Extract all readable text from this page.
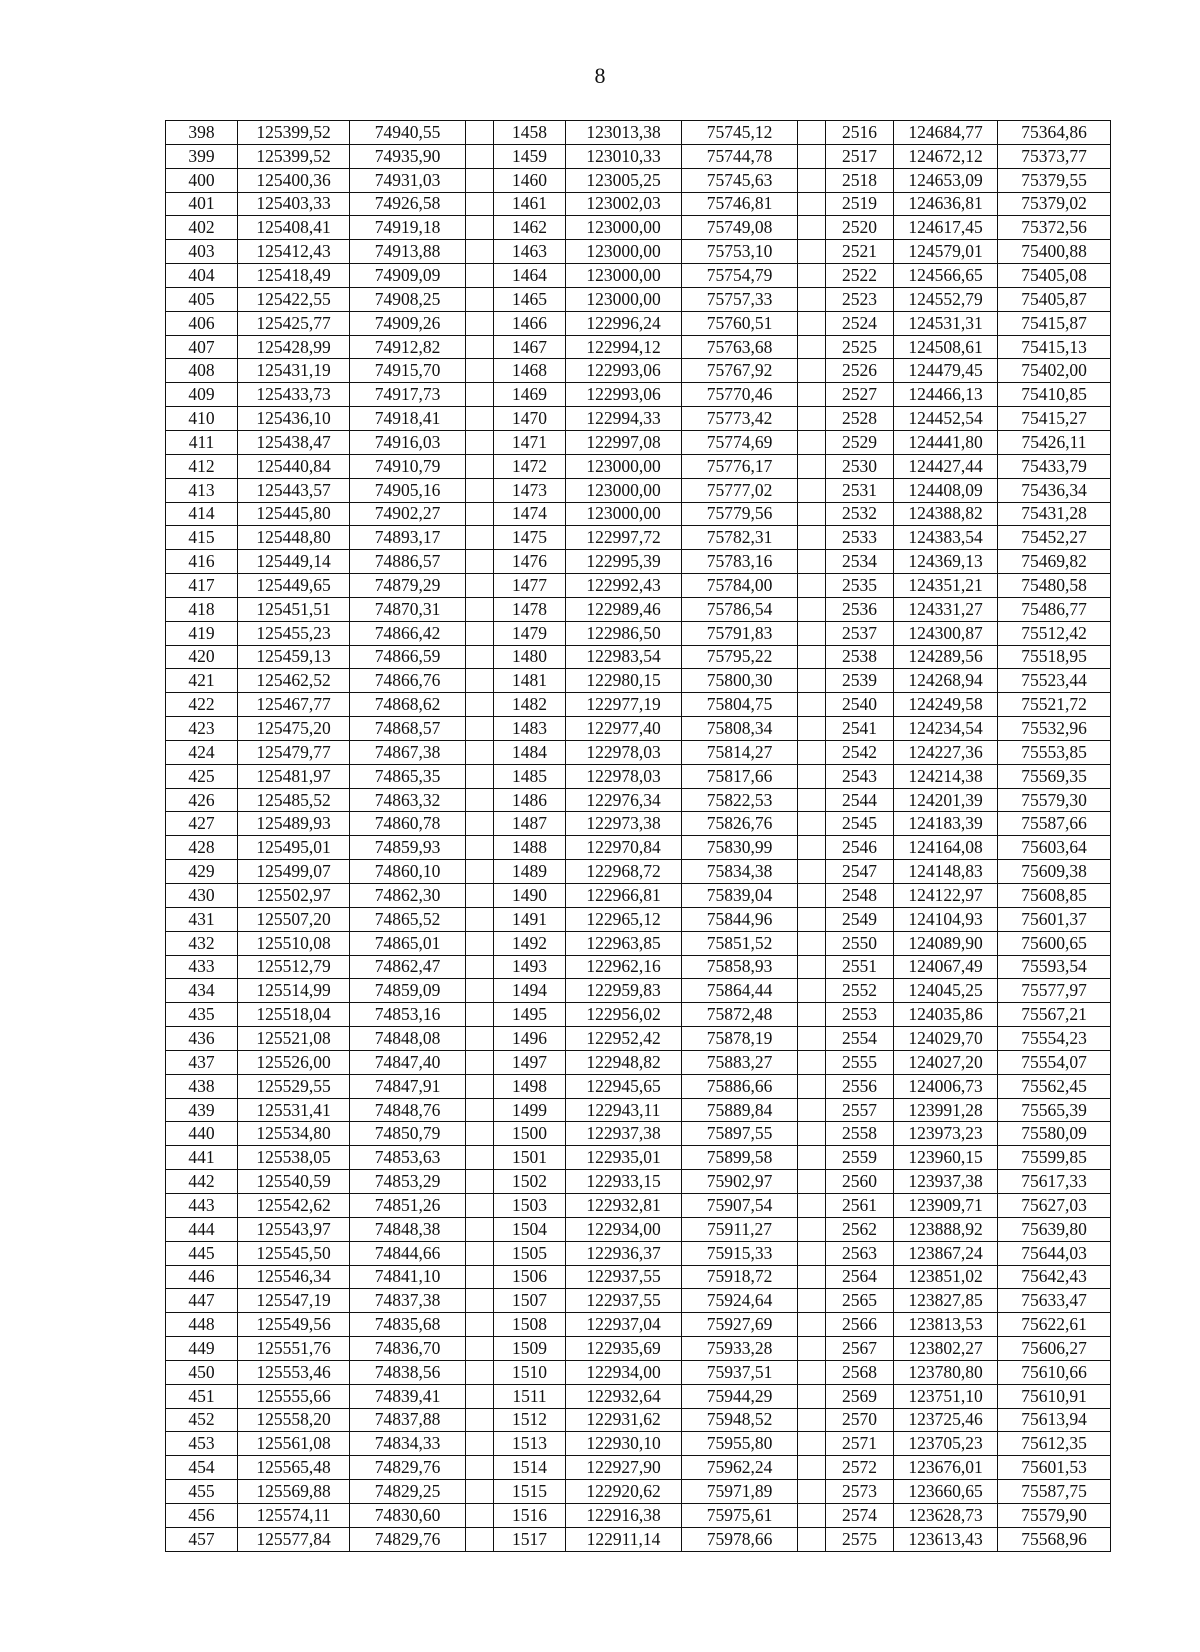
8
398	125399,52	74940,55		1458	123013,38	75745,12		2516	124684,77	75364,86
399	125399,52	74935,90		1459	123010,33	75744,78		2517	124672,12	75373,77
400	125400,36	74931,03		1460	123005,25	75745,63		2518	124653,09	75379,55
401	125403,33	74926,58		1461	123002,03	75746,81		2519	124636,81	75379,02
402	125408,41	74919,18		1462	123000,00	75749,08		2520	124617,45	75372,56
403	125412,43	74913,88		1463	123000,00	75753,10		2521	124579,01	75400,88
404	125418,49	74909,09		1464	123000,00	75754,79		2522	124566,65	75405,08
405	125422,55	74908,25		1465	123000,00	75757,33		2523	124552,79	75405,87
406	125425,77	74909,26		1466	122996,24	75760,51		2524	124531,31	75415,87
407	125428,99	74912,82		1467	122994,12	75763,68		2525	124508,61	75415,13
408	125431,19	74915,70		1468	122993,06	75767,92		2526	124479,45	75402,00
409	125433,73	74917,73		1469	122993,06	75770,46		2527	124466,13	75410,85
410	125436,10	74918,41		1470	122994,33	75773,42		2528	124452,54	75415,27
411	125438,47	74916,03		1471	122997,08	75774,69		2529	124441,80	75426,11
412	125440,84	74910,79		1472	123000,00	75776,17		2530	124427,44	75433,79
413	125443,57	74905,16		1473	123000,00	75777,02		2531	124408,09	75436,34
414	125445,80	74902,27		1474	123000,00	75779,56		2532	124388,82	75431,28
415	125448,80	74893,17		1475	122997,72	75782,31		2533	124383,54	75452,27
416	125449,14	74886,57		1476	122995,39	75783,16		2534	124369,13	75469,82
417	125449,65	74879,29		1477	122992,43	75784,00		2535	124351,21	75480,58
418	125451,51	74870,31		1478	122989,46	75786,54		2536	124331,27	75486,77
419	125455,23	74866,42		1479	122986,50	75791,83		2537	124300,87	75512,42
420	125459,13	74866,59		1480	122983,54	75795,22		2538	124289,56	75518,95
421	125462,52	74866,76		1481	122980,15	75800,30		2539	124268,94	75523,44
422	125467,77	74868,62		1482	122977,19	75804,75		2540	124249,58	75521,72
423	125475,20	74868,57		1483	122977,40	75808,34		2541	124234,54	75532,96
424	125479,77	74867,38		1484	122978,03	75814,27		2542	124227,36	75553,85
425	125481,97	74865,35		1485	122978,03	75817,66		2543	124214,38	75569,35
426	125485,52	74863,32		1486	122976,34	75822,53		2544	124201,39	75579,30
427	125489,93	74860,78		1487	122973,38	75826,76		2545	124183,39	75587,66
428	125495,01	74859,93		1488	122970,84	75830,99		2546	124164,08	75603,64
429	125499,07	74860,10		1489	122968,72	75834,38		2547	124148,83	75609,38
430	125502,97	74862,30		1490	122966,81	75839,04		2548	124122,97	75608,85
431	125507,20	74865,52		1491	122965,12	75844,96		2549	124104,93	75601,37
432	125510,08	74865,01		1492	122963,85	75851,52		2550	124089,90	75600,65
433	125512,79	74862,47		1493	122962,16	75858,93		2551	124067,49	75593,54
434	125514,99	74859,09		1494	122959,83	75864,44		2552	124045,25	75577,97
435	125518,04	74853,16		1495	122956,02	75872,48		2553	124035,86	75567,21
436	125521,08	74848,08		1496	122952,42	75878,19		2554	124029,70	75554,23
437	125526,00	74847,40		1497	122948,82	75883,27		2555	124027,20	75554,07
438	125529,55	74847,91		1498	122945,65	75886,66		2556	124006,73	75562,45
439	125531,41	74848,76		1499	122943,11	75889,84		2557	123991,28	75565,39
440	125534,80	74850,79		1500	122937,38	75897,55		2558	123973,23	75580,09
441	125538,05	74853,63		1501	122935,01	75899,58		2559	123960,15	75599,85
442	125540,59	74853,29		1502	122933,15	75902,97		2560	123937,38	75617,33
443	125542,62	74851,26		1503	122932,81	75907,54		2561	123909,71	75627,03
444	125543,97	74848,38		1504	122934,00	75911,27		2562	123888,92	75639,80
445	125545,50	74844,66		1505	122936,37	75915,33		2563	123867,24	75644,03
446	125546,34	74841,10		1506	122937,55	75918,72		2564	123851,02	75642,43
447	125547,19	74837,38		1507	122937,55	75924,64		2565	123827,85	75633,47
448	125549,56	74835,68		1508	122937,04	75927,69		2566	123813,53	75622,61
449	125551,76	74836,70		1509	122935,69	75933,28		2567	123802,27	75606,27
450	125553,46	74838,56		1510	122934,00	75937,51		2568	123780,80	75610,66
451	125555,66	74839,41		1511	122932,64	75944,29		2569	123751,10	75610,91
452	125558,20	74837,88		1512	122931,62	75948,52		2570	123725,46	75613,94
453	125561,08	74834,33		1513	122930,10	75955,80		2571	123705,23	75612,35
454	125565,48	74829,76		1514	122927,90	75962,24		2572	123676,01	75601,53
455	125569,88	74829,25		1515	122920,62	75971,89		2573	123660,65	75587,75
456	125574,11	74830,60		1516	122916,38	75975,61		2574	123628,73	75579,90
457	125577,84	74829,76		1517	122911,14	75978,66		2575	123613,43	75568,96
